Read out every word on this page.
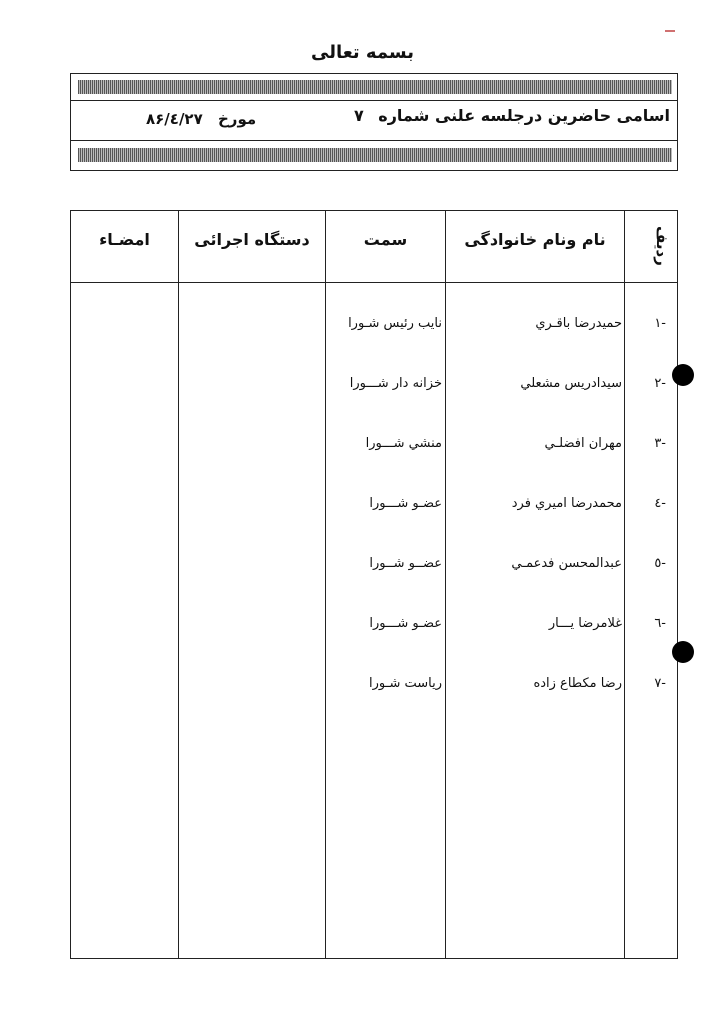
بسمه تعالی
اسامی حاضرین درجلسه علنی شماره
۷
مورخ
۸۶/٤/۲۷
ردیف
نام ونام خانوادگی
سمت
دستگاه اجرائی
امضـاء
-۱
حميدرضا باقـري
نايب رئيس شـورا
-۲
سيدادريس مشعلي
خزانه دار شـــورا
-۳
مهران افضلـي
منشي شـــورا
-٤
محمدرضا اميري فرد
عضـو شـــورا
-٥
عبدالمحسن فدعمـي
عضــو شــورا
-٦
غلامرضا يـــار
عضـو شـــورا
-۷
رضا مكطاع زاده
رياست شـورا
